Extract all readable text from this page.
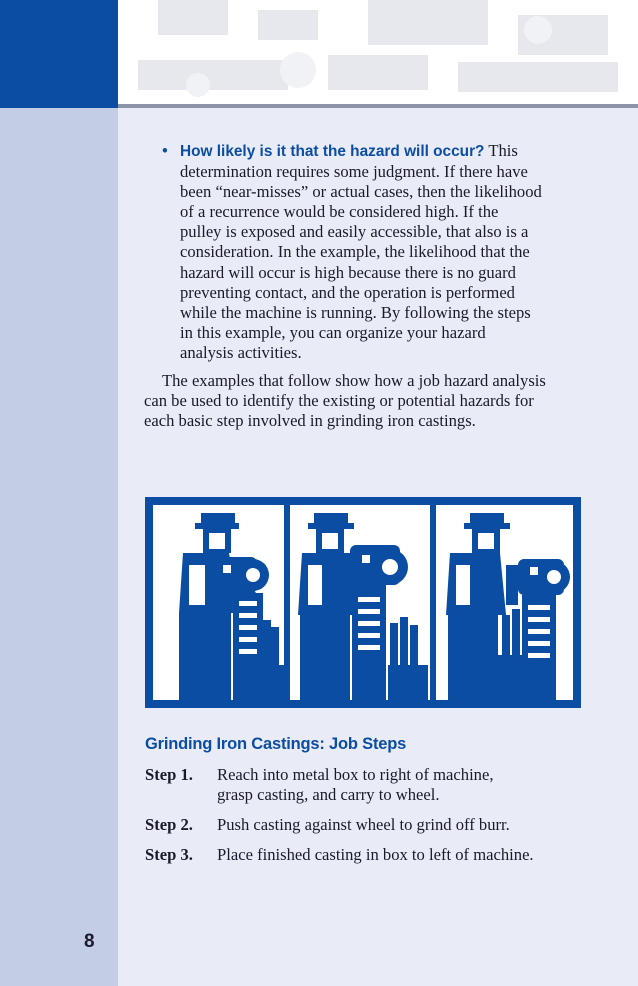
• How likely is it that the hazard will occur? This
determination requires some judgment. If there have
been “near-misses” or actual cases, then the likelihood
of a recurrence would be considered high. If the
pulley is exposed and easily accessible, that also is a
consideration. In the example, the likelihood that the
hazard will occur is high because there is no guard
preventing contact, and the operation is performed
while the machine is running. By following the steps
in this example, you can organize your hazard
analysis activities.
The examples that follow show how a job hazard analysis
can be used to identify the existing or potential hazards for
each basic step involved in grinding iron castings.
Grinding Iron Castings: Job Steps
Step 1.	Reach into metal box to right of machine,
grasp casting, and carry to wheel.
Step 2.	Push casting against wheel to grind off burr.
Step 3.	Place finished casting in box to left of machine.
8
